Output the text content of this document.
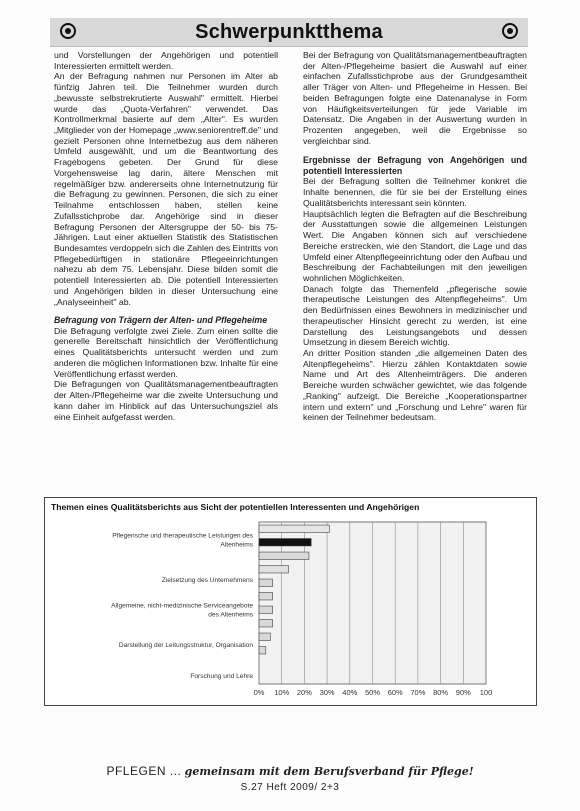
Schwerpunktthema

und Vorstellungen der Angehörigen und potentiell Interessierten ermittelt werden.

An der Befragung nahmen nur Personen im Alter ab fünfzig Jahren teil. Die Teilnehmer wurden durch „bewusste selbstrekrutierte Auswahl" ermittelt. Hierbei wurde das „Quota-Verfahren" verwendet. Das Kontrollmerkmal basierte auf dem „Alter". Es wurden „Mitglieder von der Homepage „www.seniorentreff.de" und gezielt Personen ohne Internetbezug aus dem näheren Umfeld ausgewählt, und um die Beantwortung des Fragebogens gebeten. Der Grund für diese Vorgehensweise lag darin, ältere Menschen mit regelmäßiger bzw. andererseits ohne Internetnutzung für die Befragung zu gewinnen. Personen, die sich zu einer Teilnahme entschlossen haben, stellen keine Zufallsstichprobe dar. Angehörige sind in dieser Befragung Personen der Altersgruppe der 50- bis 75-Jährigen. Laut einer aktuellen Statistik des Statistischen Bundesamtes verdoppeln sich die Zahlen des Eintritts von Pflegebedürftigen in stationäre Pflegeeinrichtungen nahezu ab dem 75. Lebensjahr. Diese bilden somit die potentiell Interessierten ab. Die potentiell Interessierten und Angehörigen bilden in dieser Untersuchung eine „Analyseeinheit" ab.

Befragung von Trägern der Alten- und Pflegeheime

Die Befragung verfolgte zwei Ziele. Zum einen sollte die generelle Bereitschaft hinsichtlich der Veröffentlichung eines Qualitätsberichts untersucht werden und zum anderen die möglichen Informationen bzw. Inhalte für eine Veröffentlichung erfasst werden.

Die Befragungen von Qualitätsmanagementbeauftragten der Alten-/Pflegeheime war die zweite Untersuchung und kann daher im Hinblick auf das Untersuchungsziel als eine Einheit aufgefasst werden.

Bei der Befragung von Qualitätsmanagementbeauftragten der Alten-/Pflegeheime basiert die Auswahl auf einer einfachen Zufallsstichprobe aus der Grundgesamtheit aller Träger von Alten- und Pflegeheime in Hessen. Bei beiden Befragungen folgte eine Datenanalyse in Form von Häufigkeitsverteilungen für jede Variable im Datensatz. Die Angaben in der Auswertung wurden in Prozenten angegeben, weil die Ergebnisse so vergleichbar sind.

Ergebnisse der Befragung von Angehörigen und potentiell Interessierten

Bei der Befragung sollten die Teilnehmer konkret die Inhalte benennen, die für sie bei der Erstellung eines Qualitätsberichts interessant sein könnten.

Hauptsächlich legten die Befragten auf die Beschreibung der Ausstattungen sowie die allgemeinen Leistungen Wert. Die Angaben können sich auf verschiedene Bereiche erstrecken, wie den Standort, die Lage und das Umfeld einer Altenpflegeeinrichtung oder den Aufbau und Beschreibung der Fachabteilungen mit den jeweiligen wohnlichen Möglichkeiten.

Danach folgte das Themenfeld „pflegerische sowie therapeutische Leistungen des Altenpflegeheims". Um den Bedürfnissen eines Bewohners in medizinischer und therapeutischer Hinsicht gerecht zu werden, ist eine Darstellung des Leistungsangebots und dessen Umsetzung in diesem Bereich wichtig.

An dritter Position standen „die allgemeinen Daten des Altenpflegeheims". Hierzu zählen Kontaktdaten sowie Name und Art des Altenheimträgers. Die anderen Bereiche wurden schwächer gewichtet, wie das folgende „Ranking" aufzeigt. Die Bereiche „Kooperationspartner intern und extern" und „Forschung und Lehre" waren für keinen der Teilnehmer bedeutsam.

Themen eines Qualitätsberichts aus Sicht der potentiellen Interessenten und Angehörigen
0% 10% 20% 30% 40% 50% 60% 70% 80% 90% 100
Pflegerische und therapeutische Leistungen des Altenheims
Zielsetzung des Unternehmens
Allgemeine, nicht-medizinische Serviceangebote des Altenheims
Darstellung der Leitungsstruktur, Organisation
Forschung und Lehre
PFLEGEN ... gemeinsam mit dem Berufsverband für Pflege!
S.27 Heft 2009/ 2+3
